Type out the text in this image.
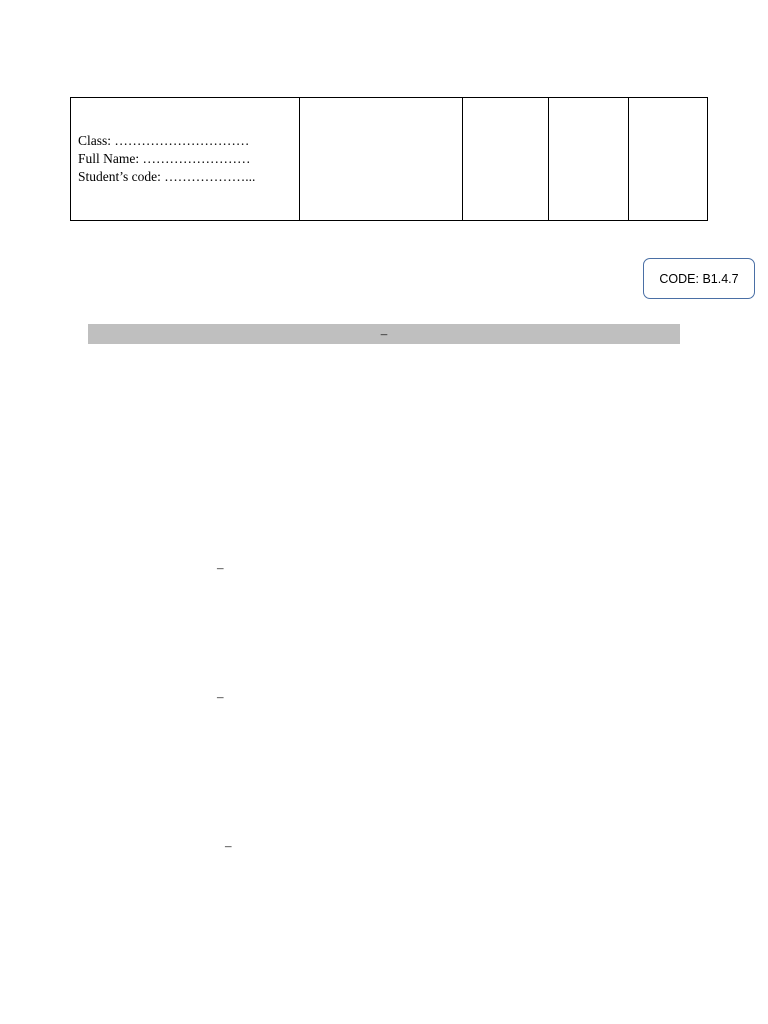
Class: …………………………
Full Name: ……………………
Student’s code: ………………...

CODE: B1.4.7
–
–
–
–
